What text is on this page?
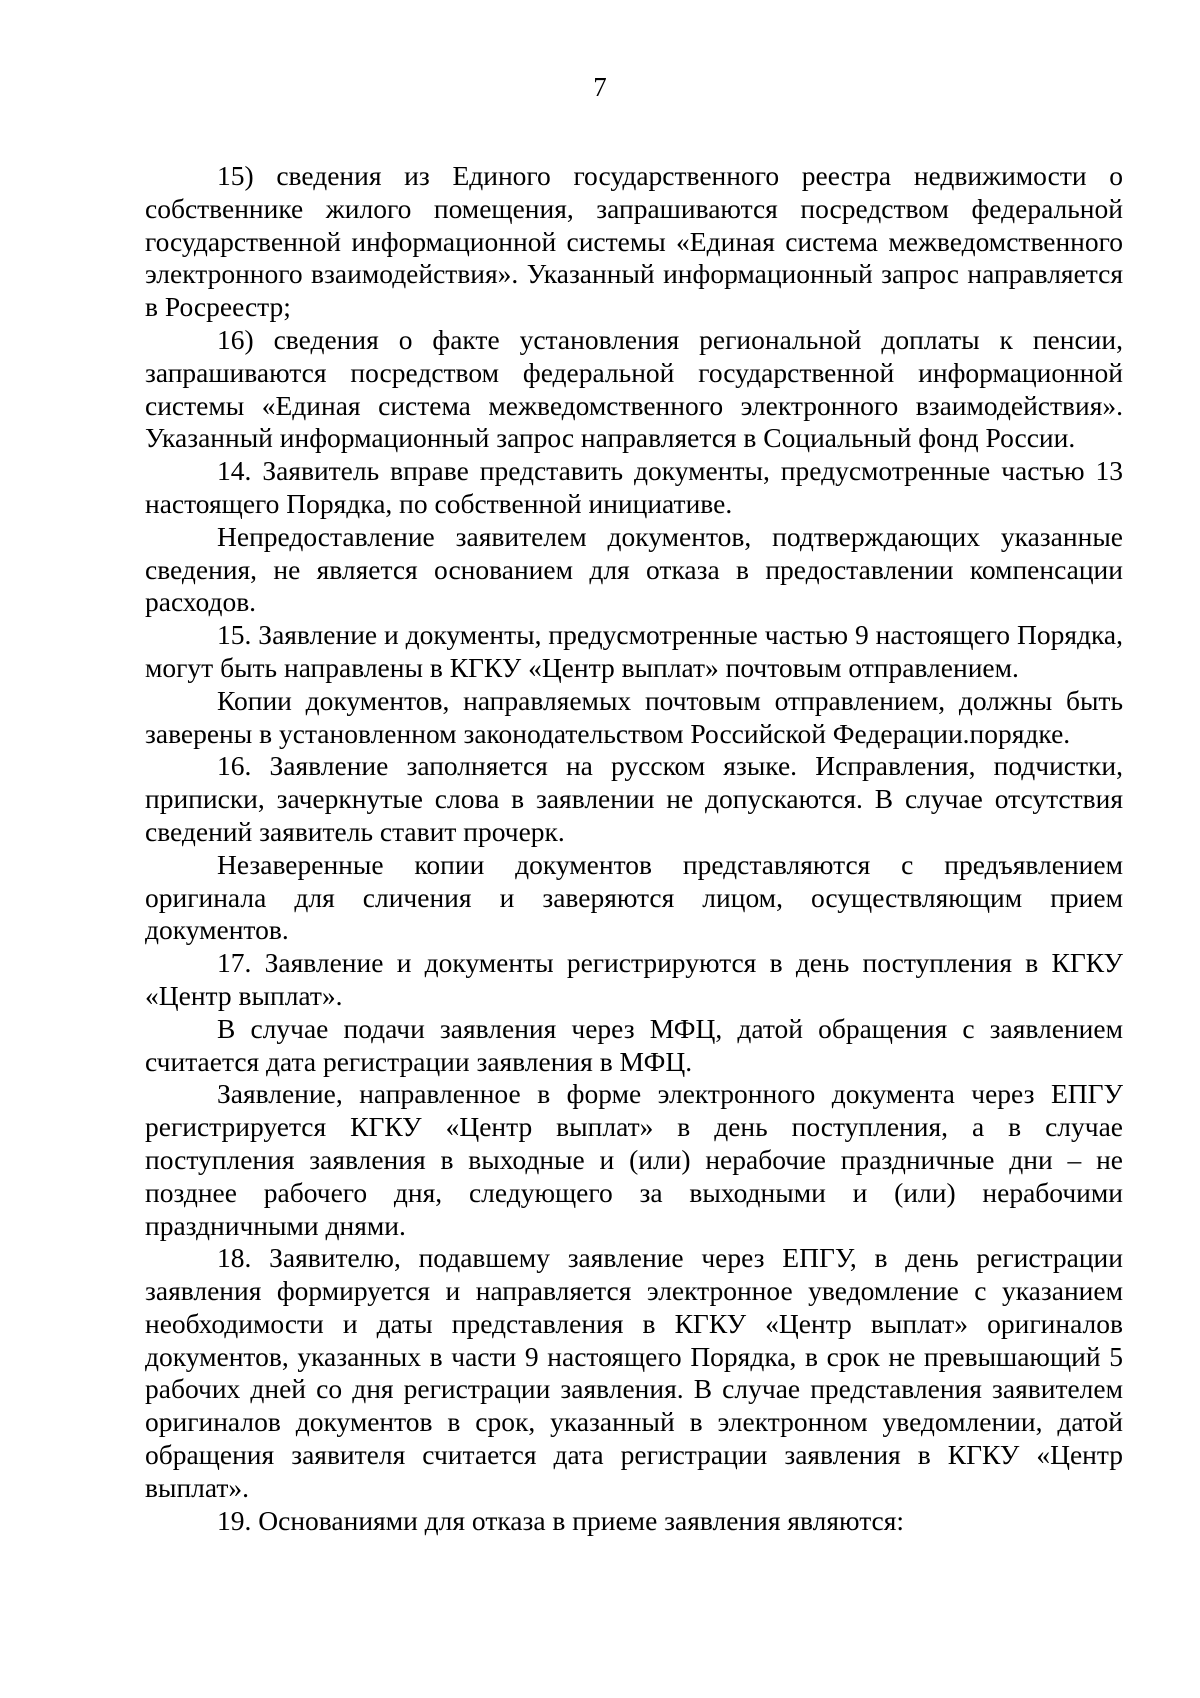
7

15) сведения из Единого государственного реестра недвижимости о собственнике жилого помещения, запрашиваются посредством федеральной государственной информационной системы «Единая система межведомственного электронного взаимодействия». Указанный информационный запрос направляется в Росреестр;

16) сведения о факте установления региональной доплаты к пенсии, запрашиваются посредством федеральной государственной информационной системы «Единая система межведомственного электронного взаимодействия». Указанный информационный запрос направляется в Социальный фонд России.

14. Заявитель вправе представить документы, предусмотренные частью 13 настоящего Порядка, по собственной инициативе.

Непредоставление заявителем документов, подтверждающих указанные сведения, не является основанием для отказа в предоставлении компенсации расходов.

15. Заявление и документы, предусмотренные частью 9 настоящего Порядка, могут быть направлены в КГКУ «Центр выплат» почтовым отправлением.

Копии документов, направляемых почтовым отправлением, должны быть заверены в установленном законодательством Российской Федерации.порядке.

16. Заявление заполняется на русском языке. Исправления, подчистки, приписки, зачеркнутые слова в заявлении не допускаются. В случае отсутствия сведений заявитель ставит прочерк.

Незаверенные копии документов представляются с предъявлением оригинала для сличения и заверяются лицом, осуществляющим прием документов.

17. Заявление и документы регистрируются в день поступления в КГКУ «Центр выплат».

В случае подачи заявления через МФЦ, датой обращения с заявлением считается дата регистрации заявления в МФЦ.

Заявление, направленное в форме электронного документа через ЕПГУ регистрируется КГКУ «Центр выплат» в день поступления, а в случае поступления заявления в выходные и (или) нерабочие праздничные дни – не позднее рабочего дня, следующего за выходными и (или) нерабочими праздничными днями.

18. Заявителю, подавшему заявление через ЕПГУ, в день регистрации заявления формируется и направляется электронное уведомление с указанием необходимости и даты представления в КГКУ «Центр выплат» оригиналов документов, указанных в части 9 настоящего Порядка, в срок не превышающий 5 рабочих дней со дня регистрации заявления. В случае представления заявителем оригиналов документов в срок, указанный в электронном уведомлении, датой обращения заявителя считается дата регистрации заявления в КГКУ «Центр выплат».

19. Основаниями для отказа в приеме заявления являются:
